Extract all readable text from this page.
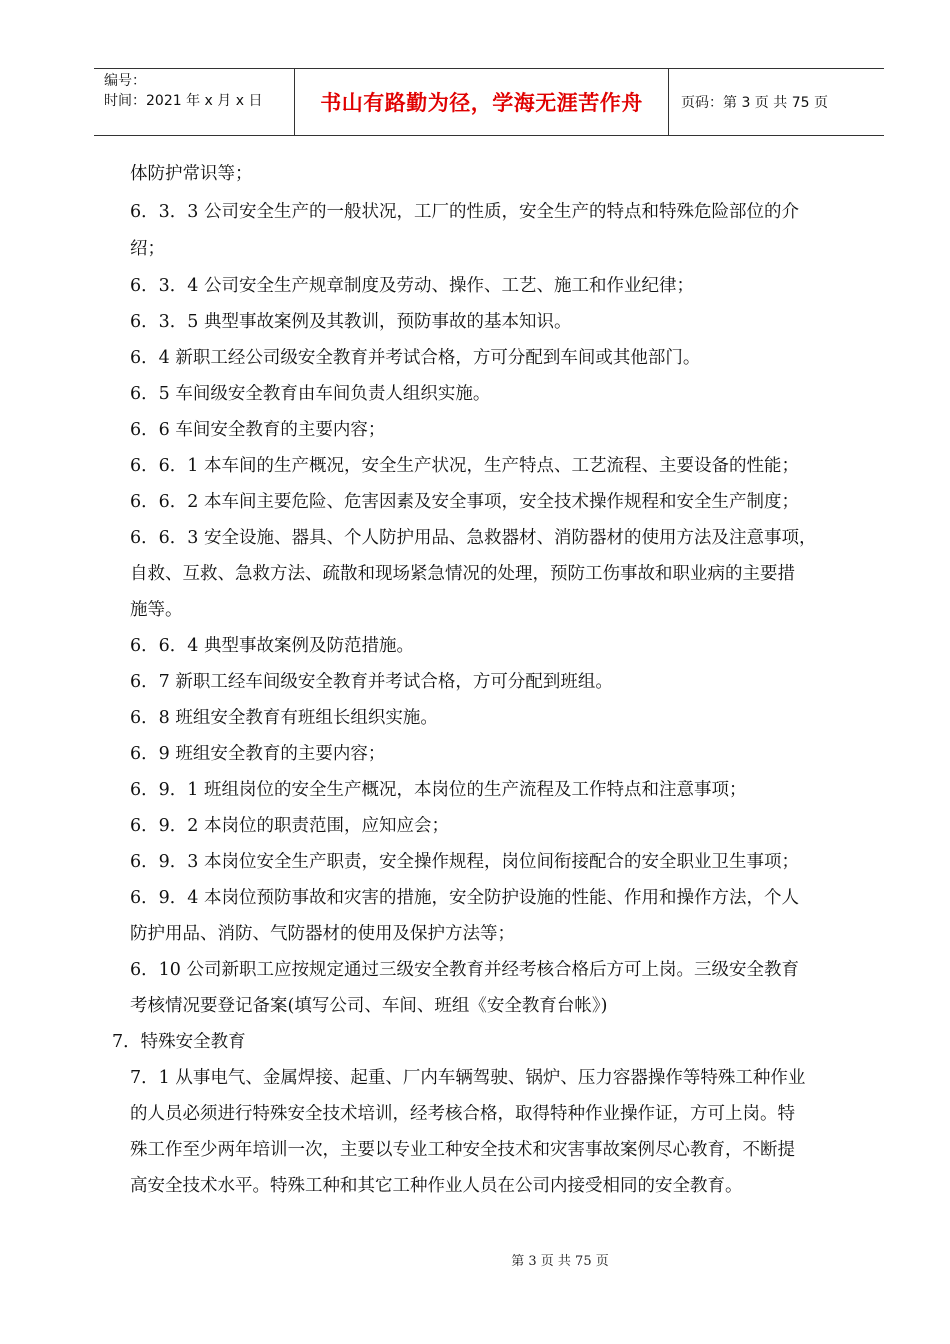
编号：
时间：2021 年 x 月 x 日	书山有路勤为径，学海无涯苦作舟	页码：第 3 页 共 75 页
体防护常识等；
6．3．3 公司安全生产的一般状况，工厂的性质，安全生产的特点和特殊危险部位的介
绍；
6．3．4 公司安全生产规章制度及劳动、操作、工艺、施工和作业纪律；
6．3．5 典型事故案例及其教训，预防事故的基本知识。
6．4 新职工经公司级安全教育并考试合格，方可分配到车间或其他部门。
6．5 车间级安全教育由车间负责人组织实施。
6．6 车间安全教育的主要内容；
6．6．1 本车间的生产概况，安全生产状况，生产特点、工艺流程、主要设备的性能；
6．6．2 本车间主要危险、危害因素及安全事项，安全技术操作规程和安全生产制度；
6．6．3 安全设施、器具、个人防护用品、急救器材、消防器材的使用方法及注意事项，
自救、互救、急救方法、疏散和现场紧急情况的处理，预防工伤事故和职业病的主要措
施等。
6．6．4 典型事故案例及防范措施。
6．7 新职工经车间级安全教育并考试合格，方可分配到班组。
6．8 班组安全教育有班组长组织实施。
6．9 班组安全教育的主要内容；
6．9．1 班组岗位的安全生产概况，本岗位的生产流程及工作特点和注意事项；
6．9．2 本岗位的职责范围，应知应会；
6．9．3 本岗位安全生产职责，安全操作规程，岗位间衔接配合的安全职业卫生事项；
6．9．4 本岗位预防事故和灾害的措施，安全防护设施的性能、作用和操作方法，个人
防护用品、消防、气防器材的使用及保护方法等；
6．10 公司新职工应按规定通过三级安全教育并经考核合格后方可上岗。三级安全教育
考核情况要登记备案(填写公司、车间、班组《安全教育台帐》)
7．特殊安全教育
7．1 从事电气、金属焊接、起重、厂内车辆驾驶、锅炉、压力容器操作等特殊工种作业
的人员必须进行特殊安全技术培训，经考核合格，取得特种作业操作证，方可上岗。特
殊工作至少两年培训一次，主要以专业工种安全技术和灾害事故案例尽心教育，不断提
高安全技术水平。特殊工种和其它工种作业人员在公司内接受相同的安全教育。
第 3 页 共 75 页
